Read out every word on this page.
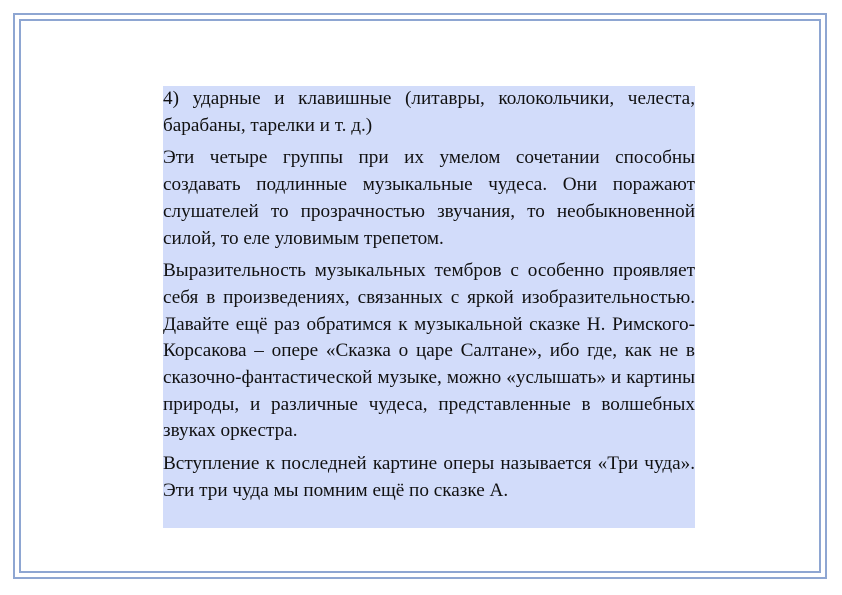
4) ударные и клавишные (литавры, колокольчики, челеста, барабаны, тарелки и т. д.)

Эти четыре группы при их умелом сочетании способны создавать подлинные музыкальные чудеса. Они поражают слушателей то прозрачностью звучания, то необыкновенной силой, то еле уловимым трепетом.

Выразительность музыкальных тембров с особенно проявляет себя в произведениях, связанных с яркой изобразительностью. Давайте ещё раз обратимся к музыкальной сказке Н. Римского-Корсакова – опере «Сказка о царе Салтане», ибо где, как не в сказочно-фантастической музыке, можно «услышать» и картины природы, и различные чудеса, представленные в волшебных звуках оркестра.

Вступление к последней картине оперы называется «Три чуда». Эти три чуда мы помним ещё по сказке А.
